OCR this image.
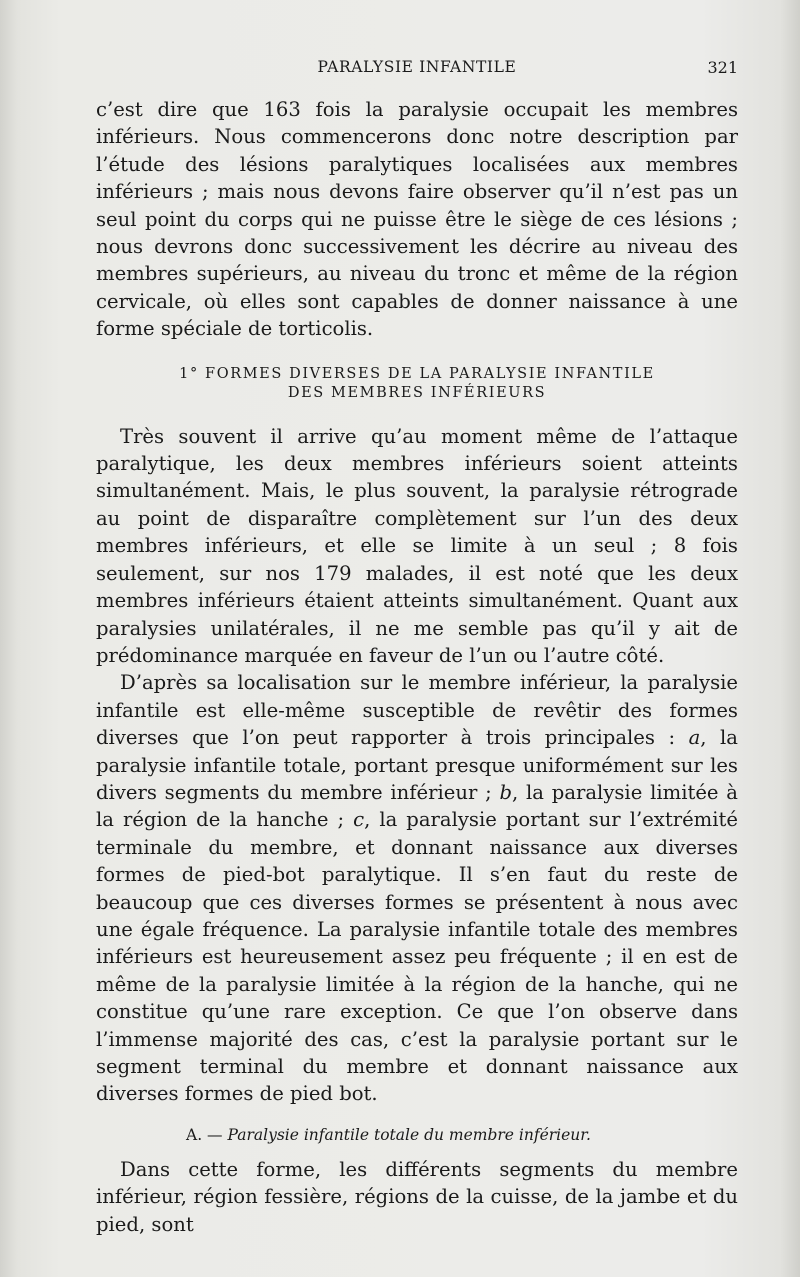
PARALYSIE INFANTILE	321

c’est dire que 163 fois la paralysie occupait les membres inférieurs. Nous commencerons donc notre description par l’étude des lésions paralytiques localisées aux membres inférieurs ; mais nous devons faire observer qu’il n’est pas un seul point du corps qui ne puisse être le siège de ces lésions ; nous devrons donc successivement les décrire au niveau des membres supérieurs, au niveau du tronc et même de la région cervicale, où elles sont capables de donner naissance à une forme spéciale de torticolis.

1° FORMES DIVERSES DE LA PARALYSIE INFANTILE
DES MEMBRES INFÉRIEURS

Très souvent il arrive qu’au moment même de l’attaque paralytique, les deux membres inférieurs soient atteints simultanément. Mais, le plus souvent, la paralysie rétrograde au point de disparaître complètement sur l’un des deux membres inférieurs, et elle se limite à un seul ; 8 fois seulement, sur nos 179 malades, il est noté que les deux membres inférieurs étaient atteints simultanément. Quant aux paralysies unilatérales, il ne me semble pas qu’il y ait de prédominance marquée en faveur de l’un ou l’autre côté.

D’après sa localisation sur le membre inférieur, la paralysie infantile est elle-même susceptible de revêtir des formes diverses que l’on peut rapporter à trois principales : a, la paralysie infantile totale, portant presque uniformément sur les divers segments du membre inférieur ; b, la paralysie limitée à la région de la hanche ; c, la paralysie portant sur l’extrémité terminale du membre, et donnant naissance aux diverses formes de pied-bot paralytique. Il s’en faut du reste de beaucoup que ces diverses formes se présentent à nous avec une égale fréquence. La paralysie infantile totale des membres inférieurs est heureusement assez peu fréquente ; il en est de même de la paralysie limitée à la région de la hanche, qui ne constitue qu’une rare exception. Ce que l’on observe dans l’immense majorité des cas, c’est la paralysie portant sur le segment terminal du membre et donnant naissance aux diverses formes de pied bot.

A. — Paralysie infantile totale du membre inférieur.

Dans cette forme, les différents segments du membre inférieur, région fessière, régions de la cuisse, de la jambe et du pied, sont
